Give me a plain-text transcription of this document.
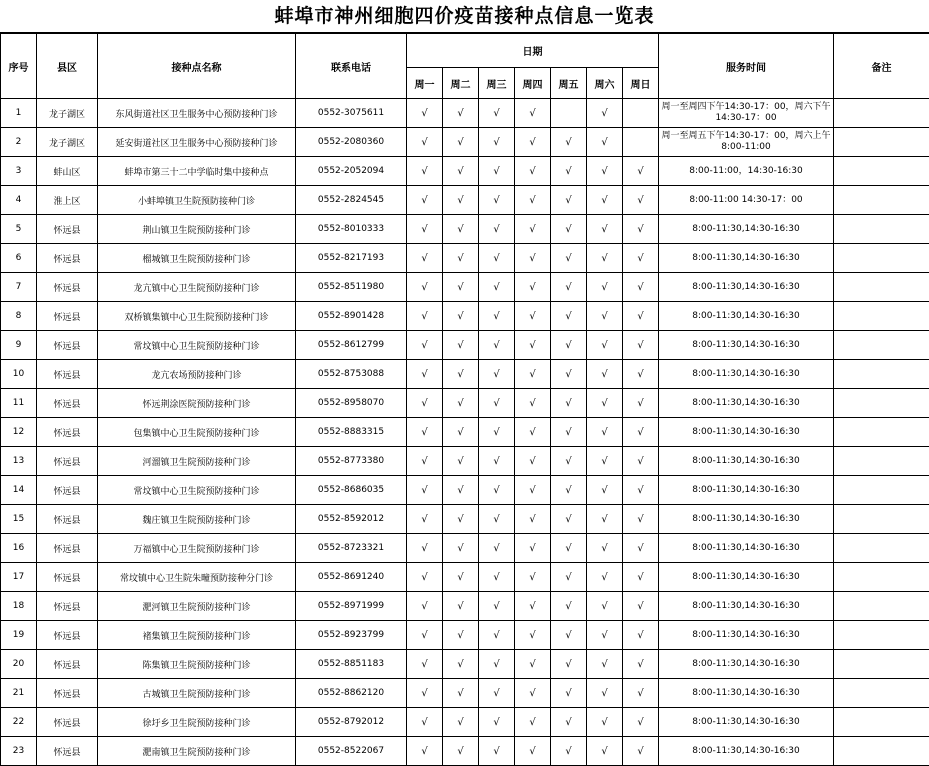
蚌埠市神州细胞四价疫苗接种点信息一览表
序号	县区	接种点名称	联系电话	日期							服务时间	备注
				周一	周二	周三	周四	周五	周六	周日		
1	龙子湖区	东风街道社区卫生服务中心预防接种门诊	0552-3075611	√	√	√	√		√		周一至周四下午14:30-17：00，周六下午14:30-17：00	
2	龙子湖区	延安街道社区卫生服务中心预防接种门诊	0552-2080360	√	√	√	√	√	√		周一至周五下午14:30-17：00，周六上午8:00-11:00	
3	蚌山区	蚌埠市第三十二中学临时集中接种点	0552-2052094	√	√	√	√	√	√	√	8:00-11:00，14:30-16:30	
4	淮上区	小蚌埠镇卫生院预防接种门诊	0552-2824545	√	√	√	√	√	√	√	8:00-11:00 14:30-17：00	
5	怀远县	荆山镇卫生院预防接种门诊	0552-8010333	√	√	√	√	√	√	√	8:00-11:30,14:30-16:30	
6	怀远县	榴城镇卫生院预防接种门诊	0552-8217193	√	√	√	√	√	√	√	8:00-11:30,14:30-16:30	
7	怀远县	龙亢镇中心卫生院预防接种门诊	0552-8511980	√	√	√	√	√	√	√	8:00-11:30,14:30-16:30	
8	怀远县	双桥镇集镇中心卫生院预防接种门诊	0552-8901428	√	√	√	√	√	√	√	8:00-11:30,14:30-16:30	
9	怀远县	常坟镇中心卫生院预防接种门诊	0552-8612799	√	√	√	√	√	√	√	8:00-11:30,14:30-16:30	
10	怀远县	龙亢农场预防接种门诊	0552-8753088	√	√	√	√	√	√	√	8:00-11:30,14:30-16:30	
11	怀远县	怀远荆涂医院预防接种门诊	0552-8958070	√	√	√	√	√	√	√	8:00-11:30,14:30-16:30	
12	怀远县	包集镇中心卫生院预防接种门诊	0552-8883315	√	√	√	√	√	√	√	8:00-11:30,14:30-16:30	
13	怀远县	河溜镇卫生院预防接种门诊	0552-8773380	√	√	√	√	√	√	√	8:00-11:30,14:30-16:30	
14	怀远县	常坟镇中心卫生院预防接种门诊	0552-8686035	√	√	√	√	√	√	√	8:00-11:30,14:30-16:30	
15	怀远县	魏庄镇卫生院预防接种门诊	0552-8592012	√	√	√	√	√	√	√	8:00-11:30,14:30-16:30	
16	怀远县	万福镇中心卫生院预防接种门诊	0552-8723321	√	√	√	√	√	√	√	8:00-11:30,14:30-16:30	
17	怀远县	常坟镇中心卫生院朱疃预防接种分门诊	0552-8691240	√	√	√	√	√	√	√	8:00-11:30,14:30-16:30	
18	怀远县	淝河镇卫生院预防接种门诊	0552-8971999	√	√	√	√	√	√	√	8:00-11:30,14:30-16:30	
19	怀远县	褚集镇卫生院预防接种门诊	0552-8923799	√	√	√	√	√	√	√	8:00-11:30,14:30-16:30	
20	怀远县	陈集镇卫生院预防接种门诊	0552-8851183	√	√	√	√	√	√	√	8:00-11:30,14:30-16:30	
21	怀远县	古城镇卫生院预防接种门诊	0552-8862120	√	√	√	√	√	√	√	8:00-11:30,14:30-16:30	
22	怀远县	徐圩乡卫生院预防接种门诊	0552-8792012	√	√	√	√	√	√	√	8:00-11:30,14:30-16:30	
23	怀远县	淝南镇卫生院预防接种门诊	0552-8522067	√	√	√	√	√	√	√	8:00-11:30,14:30-16:30	
